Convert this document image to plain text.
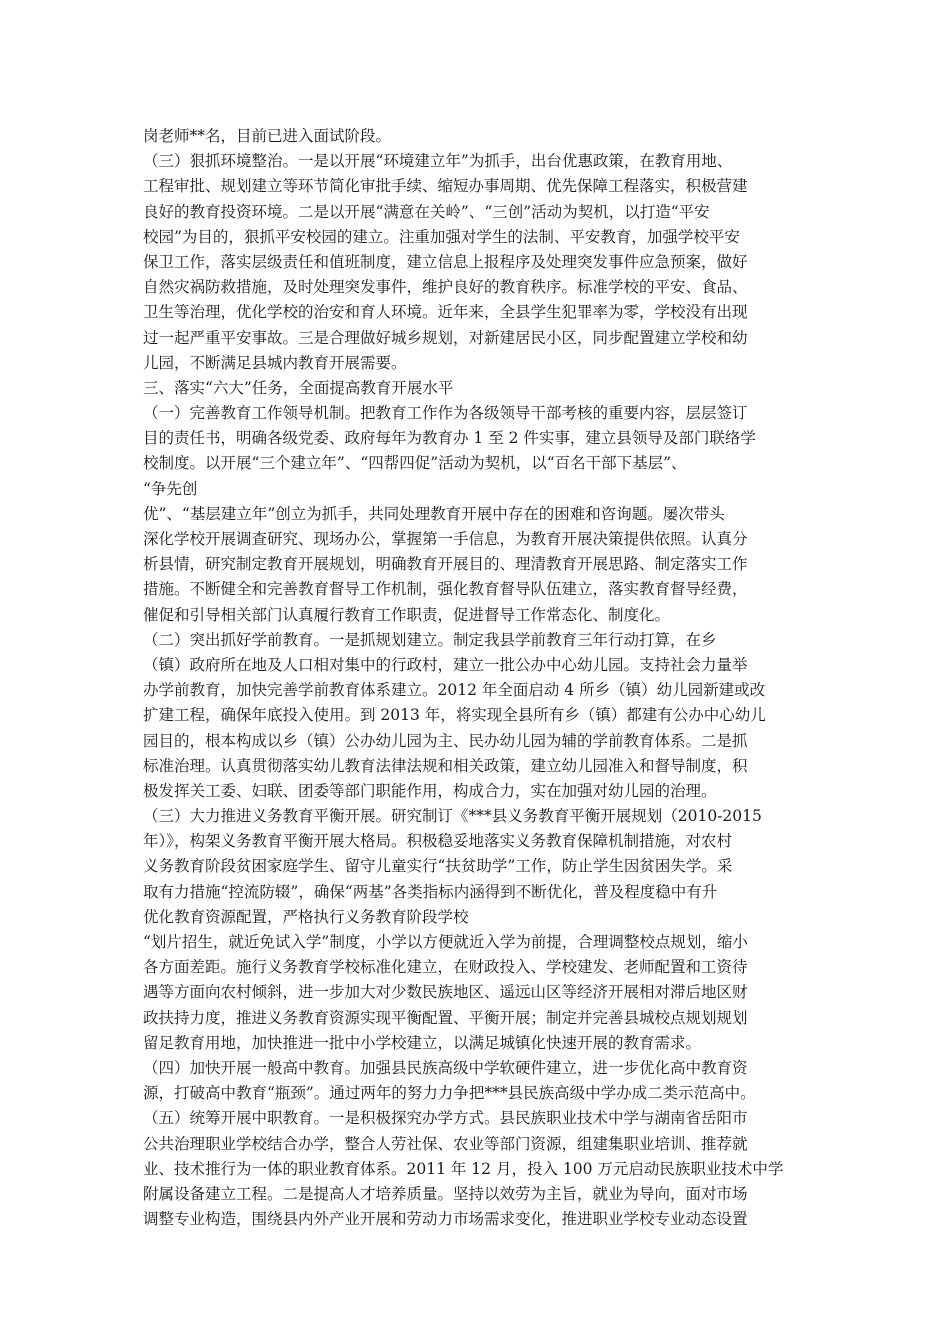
岗老师**名，目前已进入面试阶段。
（三）狠抓环境整治。一是以开展“环境建立年”为抓手，出台优惠政策，在教育用地、
工程审批、规划建立等环节简化审批手续、缩短办事周期、优先保障工程落实，积极营建
良好的教育投资环境。二是以开展“满意在关岭”、“三创”活动为契机，以打造“平安
校园”为目的，狠抓平安校园的建立。注重加强对学生的法制、平安教育，加强学校平安
保卫工作，落实层级责任和值班制度，建立信息上报程序及处理突发事件应急预案，做好
自然灾祸防救措施，及时处理突发事件，维护良好的教育秩序。标准学校的平安、食品、
卫生等治理，优化学校的治安和育人环境。近年来，全县学生犯罪率为零，学校没有出现
过一起严重平安事故。三是合理做好城乡规划，对新建居民小区，同步配置建立学校和幼
儿园，不断满足县城内教育开展需要。
三、落实“六大”任务，全面提高教育开展水平
（一）完善教育工作领导机制。把教育工作作为各级领导干部考核的重要内容，层层签订
目的责任书，明确各级党委、政府每年为教育办 1 至 2 件实事，建立县领导及部门联络学
校制度。以开展“三个建立年”、“四帮四促”活动为契机，以“百名干部下基层”、
“争先创
优”、“基层建立年”创立为抓手，共同处理教育开展中存在的困难和咨询题。屡次带头
深化学校开展调查研究、现场办公，掌握第一手信息，为教育开展决策提供依照。认真分
析县情，研究制定教育开展规划，明确教育开展目的、理清教育开展思路、制定落实工作
措施。不断健全和完善教育督导工作机制，强化教育督导队伍建立，落实教育督导经费，
催促和引导相关部门认真履行教育工作职责，促进督导工作常态化、制度化。
（二）突出抓好学前教育。一是抓规划建立。制定我县学前教育三年行动打算，在乡
（镇）政府所在地及人口相对集中的行政村，建立一批公办中心幼儿园。支持社会力量举
办学前教育，加快完善学前教育体系建立。2012 年全面启动 4 所乡（镇）幼儿园新建或改
扩建工程，确保年底投入使用。到 2013 年，将实现全县所有乡（镇）都建有公办中心幼儿
园目的，根本构成以乡（镇）公办幼儿园为主、民办幼儿园为辅的学前教育体系。二是抓
标准治理。认真贯彻落实幼儿教育法律法规和相关政策，建立幼儿园准入和督导制度，积
极发挥关工委、妇联、团委等部门职能作用，构成合力，实在加强对幼儿园的治理。
（三）大力推进义务教育平衡开展。研究制订《***县义务教育平衡开展规划（2010-2015
年）》，构架义务教育平衡开展大格局。积极稳妥地落实义务教育保障机制措施，对农村
义务教育阶段贫困家庭学生、留守儿童实行“扶贫助学”工作，防止学生因贫困失学。采
取有力措施“控流防辍”，确保“两基”各类指标内涵得到不断优化，普及程度稳中有升
优化教育资源配置，严格执行义务教育阶段学校
“划片招生，就近免试入学”制度，小学以方便就近入学为前提，合理调整校点规划，缩小
各方面差距。施行义务教育学校标准化建立，在财政投入、学校建发、老师配置和工资待
遇等方面向农村倾斜，进一步加大对少数民族地区、遥远山区等经济开展相对滞后地区财
政扶持力度，推进义务教育资源实现平衡配置、平衡开展；制定并完善县城校点规划规划
留足教育用地，加快推进一批中小学校建立，以满足城镇化快速开展的教育需求。
（四）加快开展一般高中教育。加强县民族高级中学软硬件建立，进一步优化高中教育资
源，打破高中教育“瓶颈”。通过两年的努力力争把***县民族高级中学办成二类示范高中。
（五）统筹开展中职教育。一是积极探究办学方式。县民族职业技术中学与湖南省岳阳市
公共治理职业学校结合办学，整合人劳社保、农业等部门资源，组建集职业培训、推荐就
业、技术推行为一体的职业教育体系。2011 年 12 月，投入 100 万元启动民族职业技术中学
附属设备建立工程。二是提高人才培养质量。坚持以效劳为主旨，就业为导向，面对市场
调整专业构造，围绕县内外产业开展和劳动力市场需求变化，推进职业学校专业动态设置
